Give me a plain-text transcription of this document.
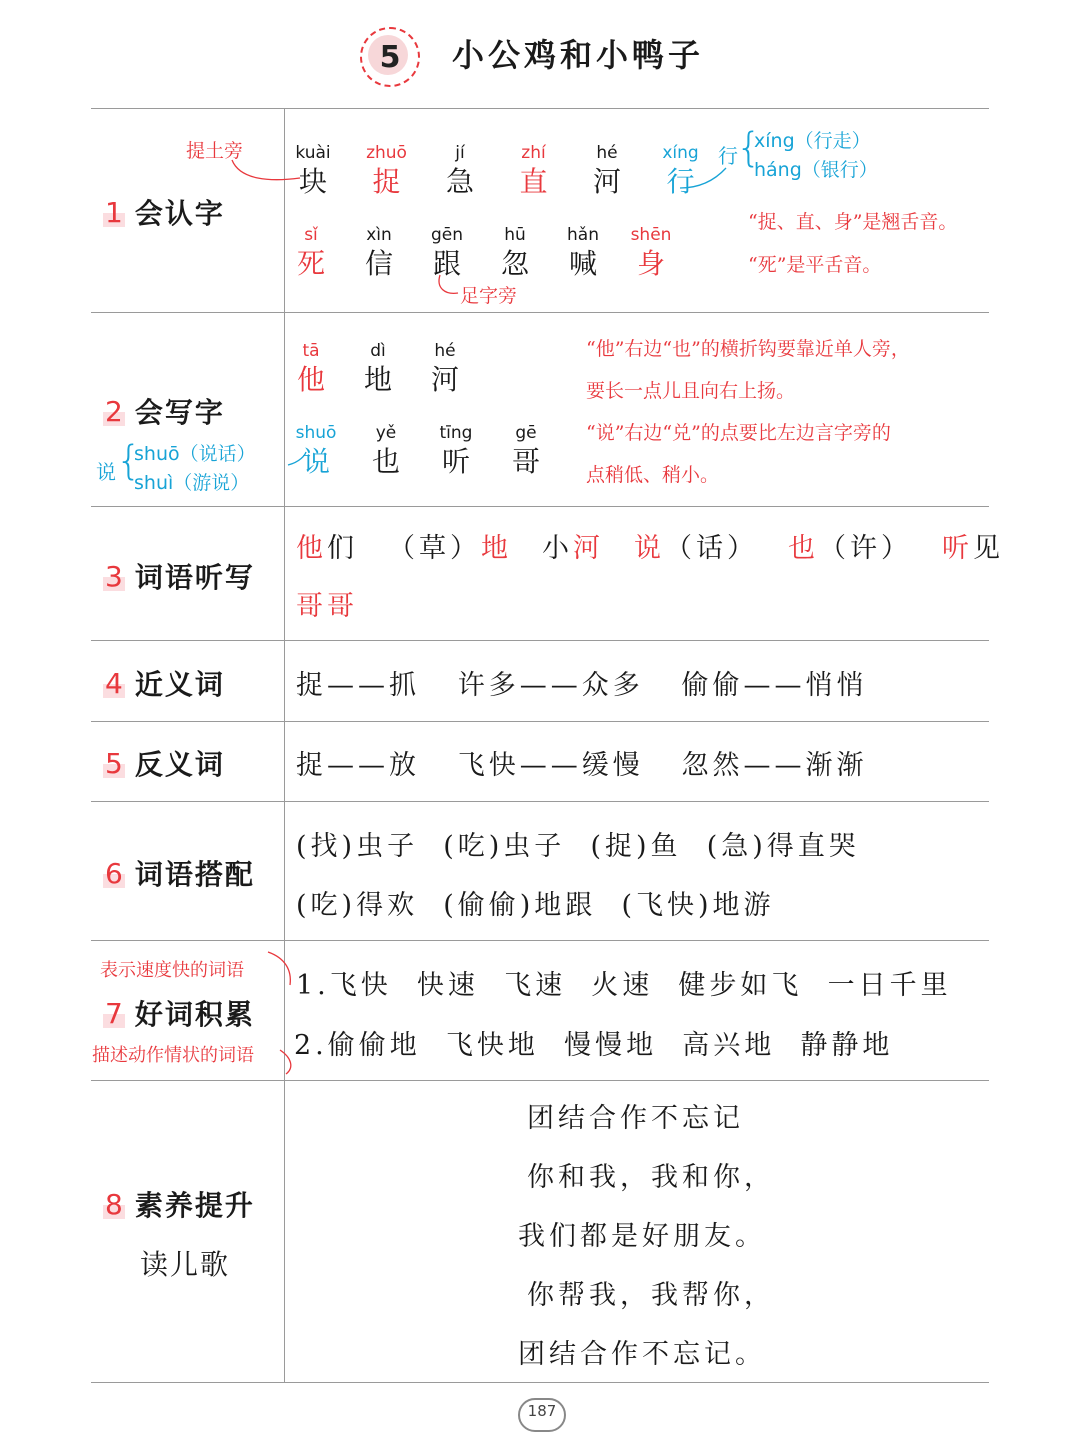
5 小公鸡和小鸭子
1 会认字
2 会写字
3 词语听写
4 近义词
5 反义词
6 词语搭配
7 好词积累
8 素养提升
读儿歌
kuài
块
zhuō
捉
jí
急
zhí
直
hé
河
xíng
行
sǐ
死
xìn
信
gēn
跟
hū
忽
hǎn
喊
shēn
身
提土旁
足字旁
行
{
xíng（行走）
háng（银行）
“捉、直、身”是翘舌音。
“死”是平舌音。
tā
他
dì
地
hé
河
shuō
说
yě
也
tīng
听
gē
哥
说 {
shuō（说话）
shuì（游说）
“他”右边“也”的横折钩要靠近单人旁，
要长一点儿且向右上扬。
“说”右边“兑”的点要比左边言字旁的
点稍低、稍小。
他们 （草）地 小河 说（话） 也（许） 听见
哥哥
捉——抓   许多——众多   偷偷——悄悄
捉——放   飞快——缓慢   忽然——渐渐
(找)虫子  (吃)虫子  (捉)鱼  (急)得直哭
(吃)得欢  (偷偷)地跟  (飞快)地游
表示速度快的词语
描述动作情状的词语
1.飞快  快速  飞速  火速  健步如飞  一日千里
2.偷偷地  飞快地  慢慢地  高兴地  静静地
团结合作不忘记
你和我，我和你，
我们都是好朋友。
你帮我，我帮你，
团结合作不忘记。
187
